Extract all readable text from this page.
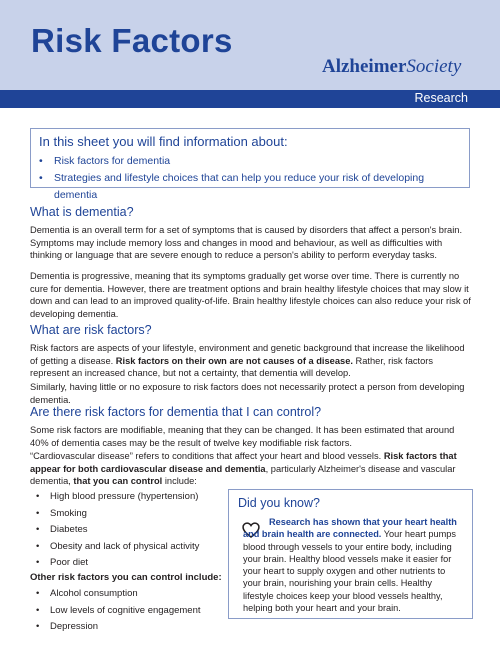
Risk Factors
AlzheimerSociety
Research
In this sheet you will find information about:
• Risk factors for dementia
• Strategies and lifestyle choices that can help you reduce your risk of developing dementia
What is dementia?

Dementia is an overall term for a set of symptoms that is caused by disorders that affect a person's brain. Symptoms may include memory loss and changes in mood and behaviour, as well as difficulties with thinking or language that are severe enough to reduce a person's ability to perform everyday tasks.

Dementia is progressive, meaning that its symptoms gradually get worse over time. There is currently no cure for dementia. However, there are treatment options and brain healthy lifestyle choices that may slow it down and can lead to an improved quality-of-life. Brain healthy lifestyle choices can also reduce your risk of developing dementia.

What are risk factors?

Risk factors are aspects of your lifestyle, environment and genetic background that increase the likelihood of getting a disease. Risk factors on their own are not causes of a disease. Rather, risk factors represent an increased chance, but not a certainty, that dementia will develop.

Similarly, having little or no exposure to risk factors does not necessarily protect a person from developing dementia.

Are there risk factors for dementia that I can control?

Some risk factors are modifiable, meaning that they can be changed. It has been estimated that around 40% of dementia cases may be the result of twelve key modifiable risk factors.

“Cardiovascular disease” refers to conditions that affect your heart and blood vessels. Risk factors that appear for both cardiovascular disease and dementia, particularly Alzheimer's disease and vascular dementia, that you can control include:

• High blood pressure (hypertension)
• Smoking
• Diabetes
• Obesity and lack of physical activity
• Poor diet

Other risk factors you can control include:

• Alcohol consumption
• Low levels of cognitive engagement
• Depression
Did you know?

Research has shown that your heart health and brain health are connected. Your heart pumps blood through vessels to your entire body, including your brain. Healthy blood vessels make it easier for your heart to supply oxygen and other nutrients to your brain, nourishing your brain cells. Healthy lifestyle choices keep your blood vessels healthy, helping both your heart and your brain.
